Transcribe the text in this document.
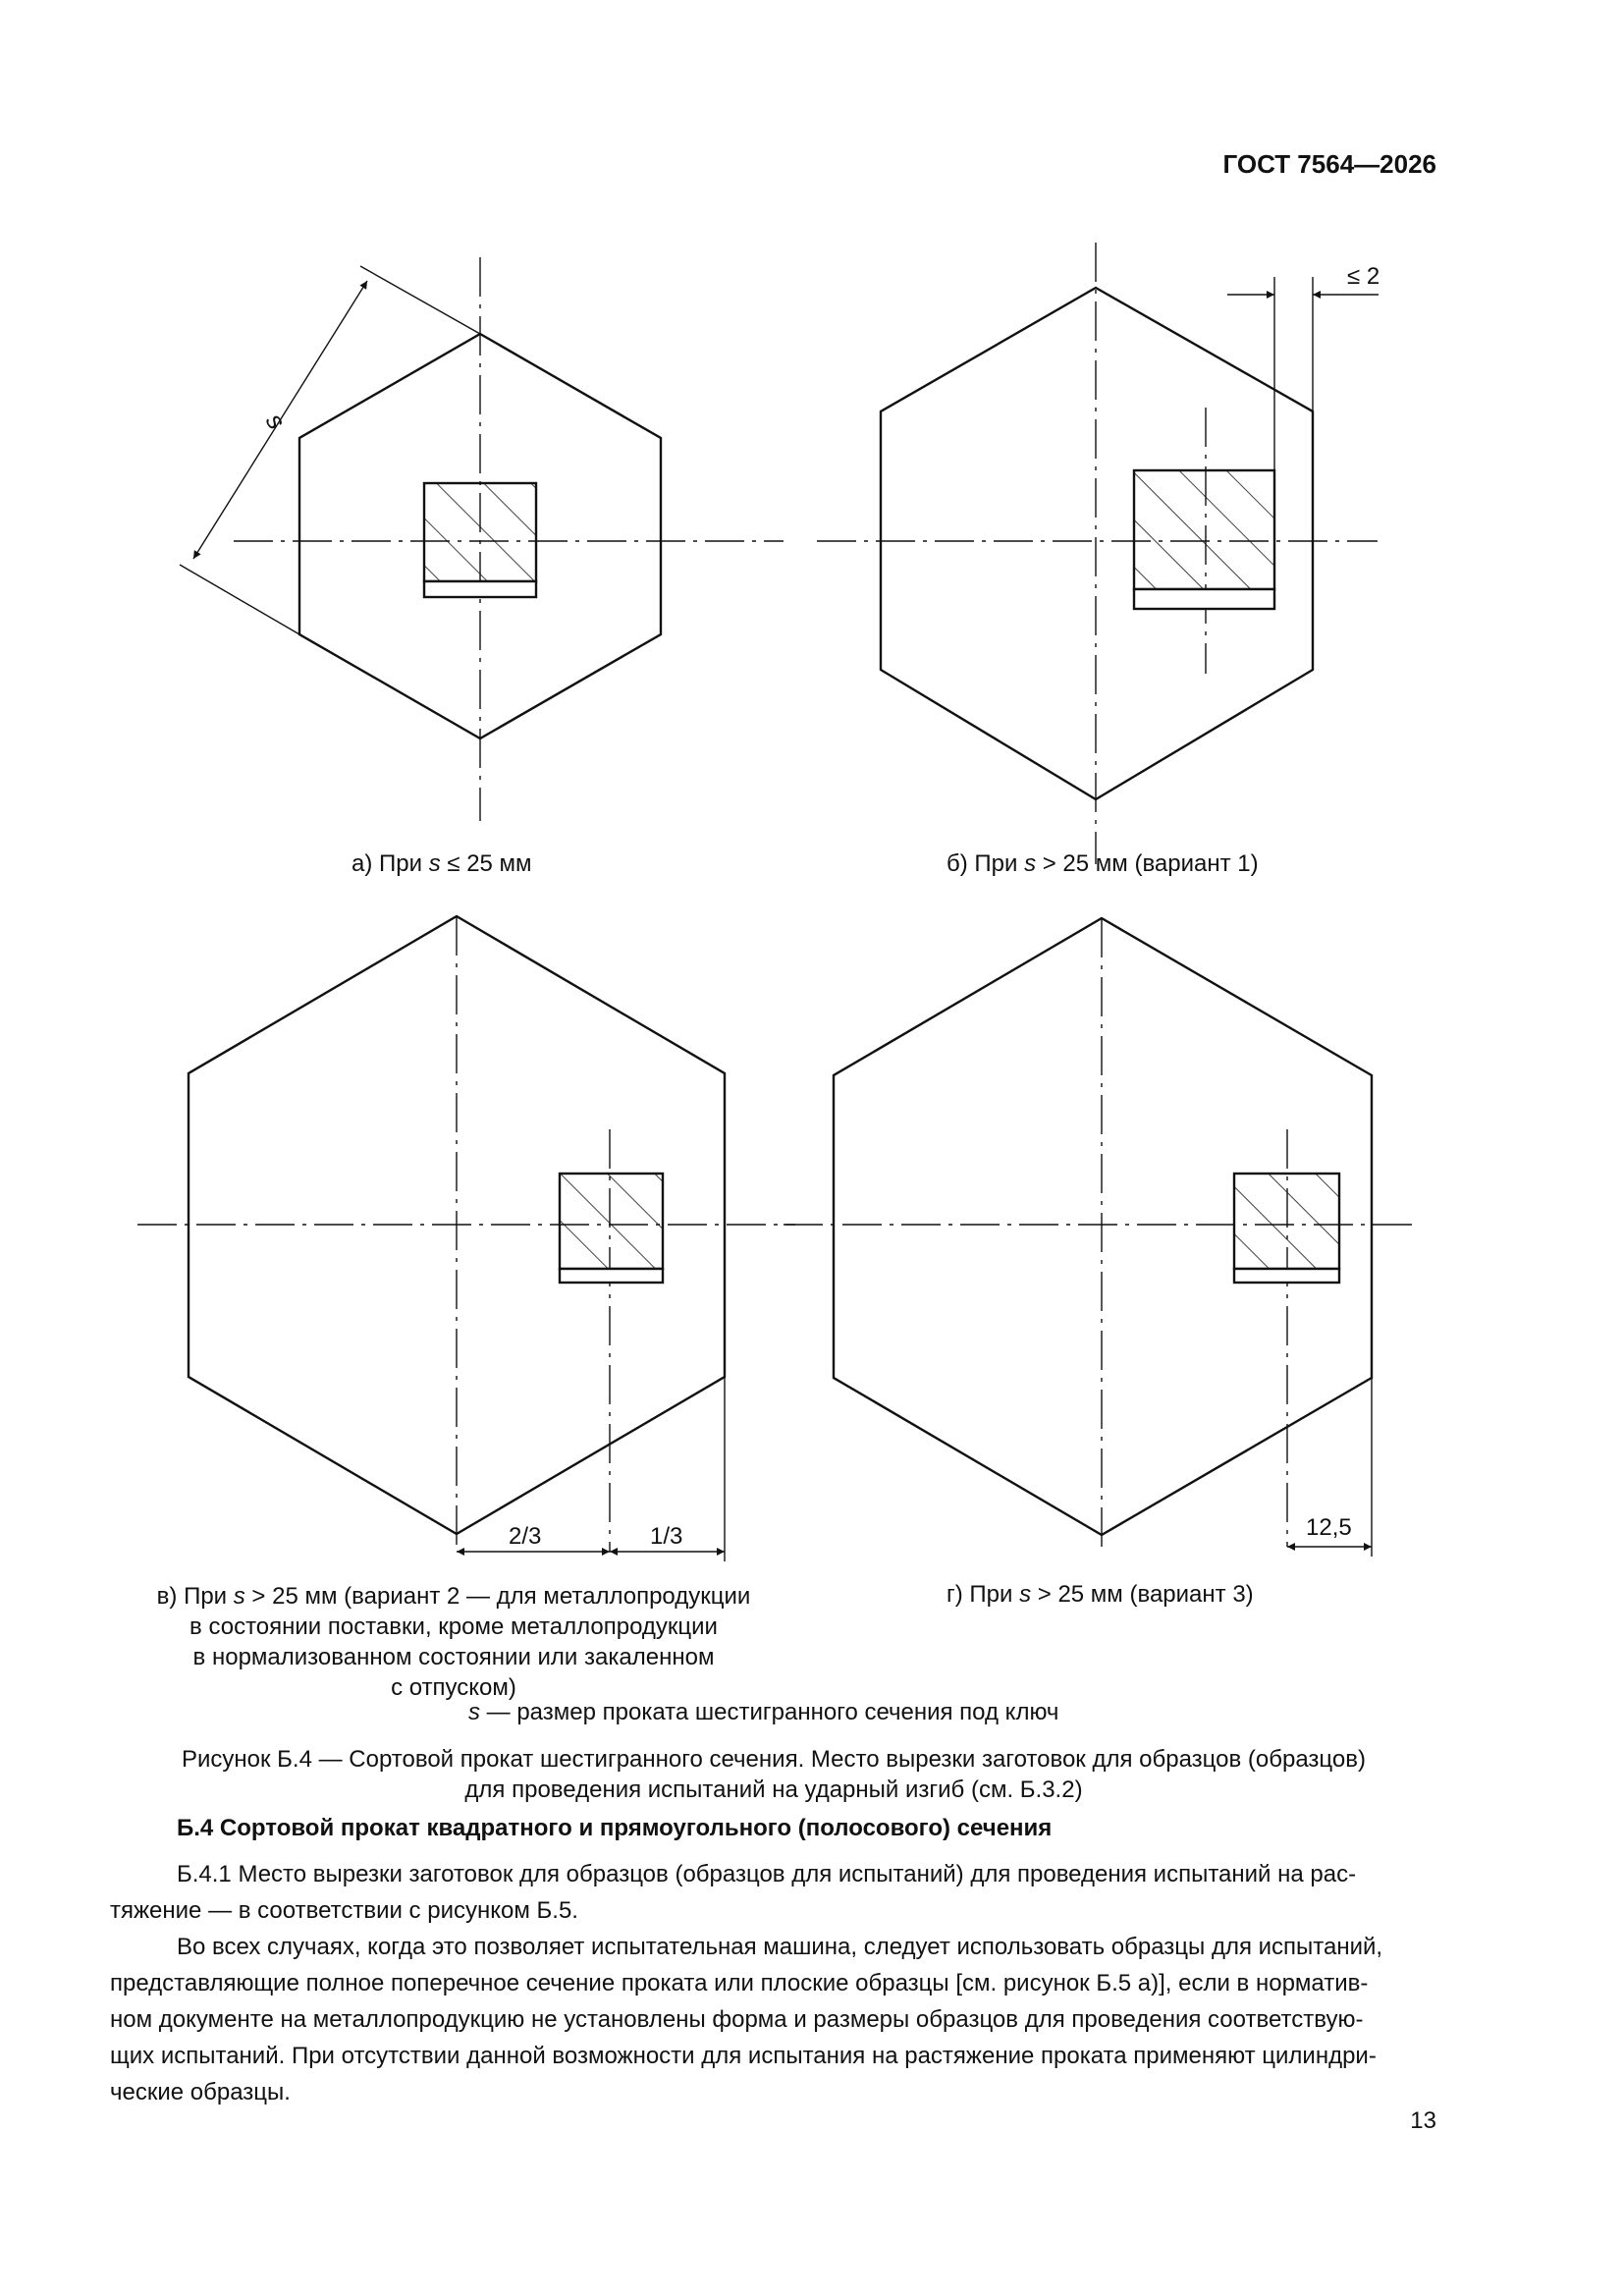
ГОСТ 7564—2026
s
≤ 2
2/3	1/3	12,5

а) При s ≤ 25 мм	б) При s > 25 мм (вариант 1)

в) При s > 25 мм (вариант 2 — для металлопродукции
в состоянии поставки, кроме металлопродукции
в нормализованном состоянии или закаленном
с отпуском)

г) При s > 25 мм (вариант 3)

s — размер проката шестигранного сечения под ключ

Рисунок Б.4 — Сортовой прокат шестигранного сечения. Место вырезки заготовок для образцов (образцов)
для проведения испытаний на ударный изгиб (см. Б.3.2)
Б.4 Сортовой прокат квадратного и прямоугольного (полосового) сечения
Б.4.1 Место вырезки заготовок для образцов (образцов для испытаний) для проведения испытаний на рас-
тяжение — в соответствии с рисунком Б.5.
Во всех случаях, когда это позволяет испытательная машина, следует использовать образцы для испытаний,
представляющие полное поперечное сечение проката или плоские образцы [см. рисунок Б.5 а)], если в норматив-
ном документе на металлопродукцию не установлены форма и размеры образцов для проведения соответствую-
щих испытаний. При отсутствии данной возможности для испытания на растяжение проката применяют цилиндри-
ческие образцы.
13
